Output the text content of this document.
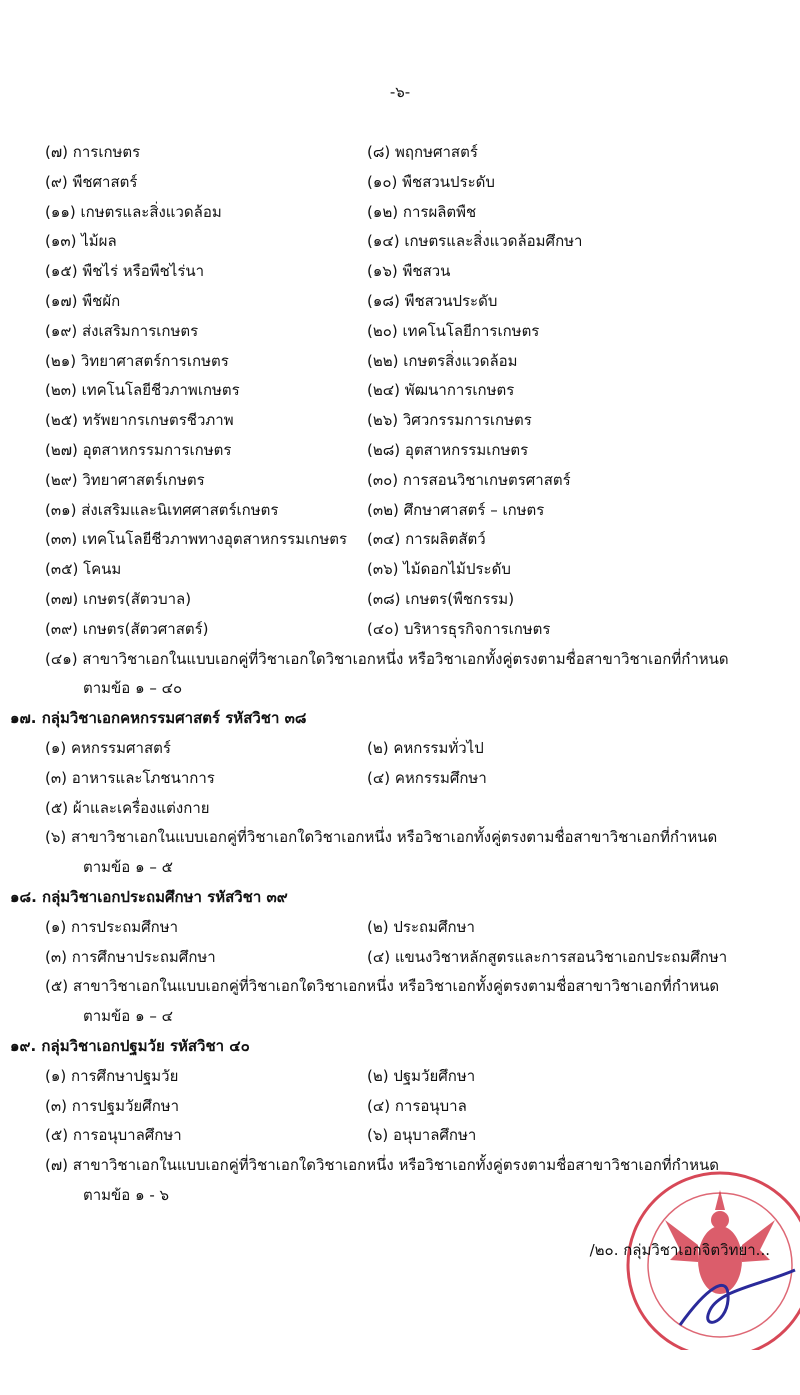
-๖-
(๗) การเกษตร	(๘) พฤกษศาสตร์
(๙) พืชศาสตร์	(๑๐) พืชสวนประดับ
(๑๑) เกษตรและสิ่งแวดล้อม	(๑๒) การผลิตพืช
(๑๓) ไม้ผล	(๑๔) เกษตรและสิ่งแวดล้อมศึกษา
(๑๕) พืชไร่ หรือพืชไร่นา	(๑๖) พืชสวน
(๑๗) พืชผัก	(๑๘) พืชสวนประดับ
(๑๙) ส่งเสริมการเกษตร	(๒๐) เทคโนโลยีการเกษตร
(๒๑) วิทยาศาสตร์การเกษตร	(๒๒) เกษตรสิ่งแวดล้อม
(๒๓) เทคโนโลยีชีวภาพเกษตร	(๒๔) พัฒนาการเกษตร
(๒๕) ทรัพยากรเกษตรชีวภาพ	(๒๖) วิศวกรรมการเกษตร
(๒๗) อุตสาหกรรมการเกษตร	(๒๘) อุตสาหกรรมเกษตร
(๒๙) วิทยาศาสตร์เกษตร	(๓๐) การสอนวิชาเกษตรศาสตร์
(๓๑) ส่งเสริมและนิเทศศาสตร์เกษตร	(๓๒) ศึกษาศาสตร์ – เกษตร
(๓๓) เทคโนโลยีชีวภาพทางอุตสาหกรรมเกษตร (๓๔) การผลิตสัตว์
(๓๕) โคนม	(๓๖) ไม้ดอกไม้ประดับ
(๓๗) เกษตร(สัตวบาล)	(๓๘) เกษตร(พืชกรรม)
(๓๙) เกษตร(สัตวศาสตร์)	(๔๐) บริหารธุรกิจการเกษตร
(๔๑) สาขาวิชาเอกในแบบเอกคู่ที่วิชาเอกใดวิชาเอกหนึ่ง หรือวิชาเอกทั้งคู่ตรงตามชื่อสาขาวิชาเอกที่กำหนด
ตามข้อ ๑ – ๔๐
๑๗. กลุ่มวิชาเอกคหกรรมศาสตร์ รหัสวิชา ๓๘
(๑) คหกรรมศาสตร์	(๒) คหกรรมทั่วไป
(๓) อาหารและโภชนาการ	(๔) คหกรรมศึกษา
(๕) ผ้าและเครื่องแต่งกาย
(๖) สาขาวิชาเอกในแบบเอกคู่ที่วิชาเอกใดวิชาเอกหนึ่ง หรือวิชาเอกทั้งคู่ตรงตามชื่อสาขาวิชาเอกที่กำหนด
ตามข้อ ๑ – ๕
๑๘. กลุ่มวิชาเอกประถมศึกษา รหัสวิชา ๓๙
(๑) การประถมศึกษา	(๒) ประถมศึกษา
(๓) การศึกษาประถมศึกษา	(๔) แขนงวิชาหลักสูตรและการสอนวิชาเอกประถมศึกษา
(๕) สาขาวิชาเอกในแบบเอกคู่ที่วิชาเอกใดวิชาเอกหนึ่ง หรือวิชาเอกทั้งคู่ตรงตามชื่อสาขาวิชาเอกที่กำหนด
ตามข้อ ๑ – ๔
๑๙. กลุ่มวิชาเอกปฐมวัย รหัสวิชา ๔๐
(๑) การศึกษาปฐมวัย	(๒) ปฐมวัยศึกษา
(๓) การปฐมวัยศึกษา	(๔) การอนุบาล
(๕) การอนุบาลศึกษา	(๖) อนุบาลศึกษา
(๗) สาขาวิชาเอกในแบบเอกคู่ที่วิชาเอกใดวิชาเอกหนึ่ง หรือวิชาเอกทั้งคู่ตรงตามชื่อสาขาวิชาเอกที่กำหนด
ตามข้อ ๑ - ๖
/๒๐. กลุ่มวิชาเอกจิตวิทยา...
